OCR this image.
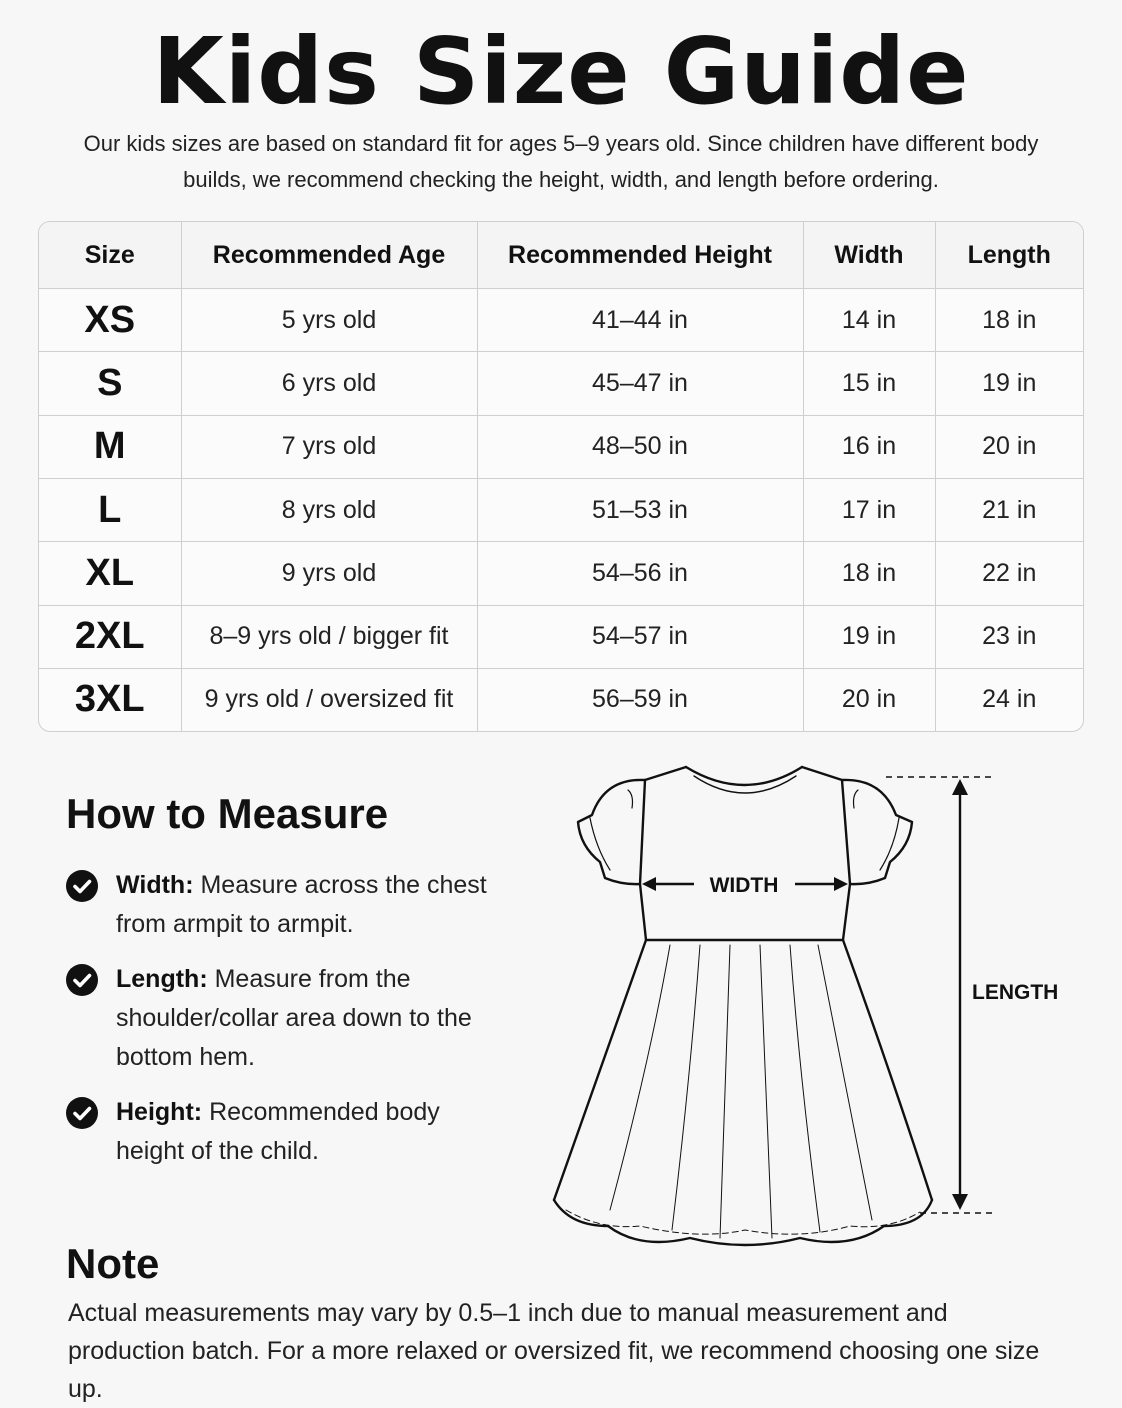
Kids Size Guide
Our kids sizes are based on standard fit for ages 5–9 years old. Since children have different body builds, we recommend checking the height, width, and length before ordering.
Size	Recommended Age	Recommended Height	Width	Length
XS	5 yrs old	41–44 in	14 in	18 in
S	6 yrs old	45–47 in	15 in	19 in
M	7 yrs old	48–50 in	16 in	20 in
L	8 yrs old	51–53 in	17 in	21 in
XL	9 yrs old	54–56 in	18 in	22 in
2XL	8–9 yrs old / bigger fit	54–57 in	19 in	23 in
3XL	9 yrs old / oversized fit	56–59 in	20 in	24 in
How to Measure
Width: Measure across the chest from armpit to armpit.
Length: Measure from the shoulder/collar area down to the bottom hem.
Height: Recommended body height of the child.
WIDTH
LENGTH
Note
Actual measurements may vary by 0.5–1 inch due to manual measurement and production batch. For a more relaxed or oversized fit, we recommend choosing one size up.
